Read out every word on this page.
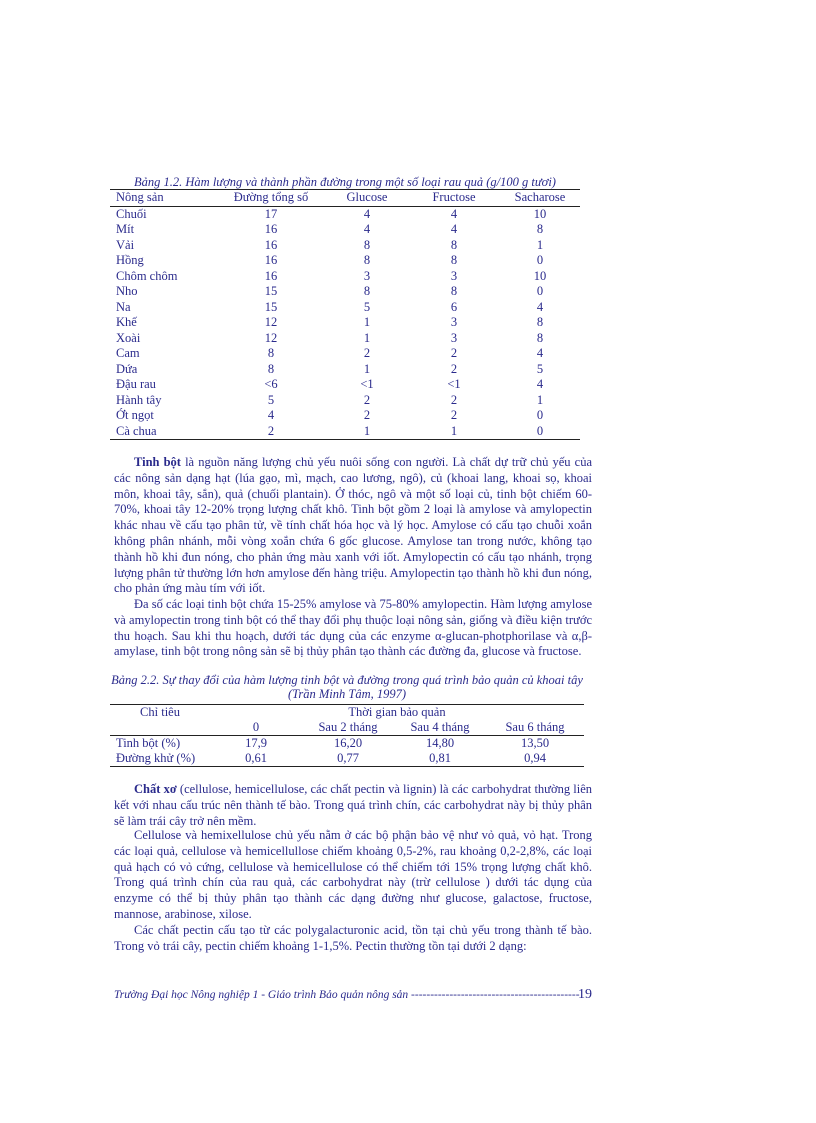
Bảng 1.2. Hàm lượng và thành phần đường trong một số loại rau quả (g/100 g tươi)
Nông sản	Đường tổng số	Glucose	Fructose	Sacharose
Chuối	17	4	4	10
Mít	16	4	4	8
Vải	16	8	8	1
Hồng	16	8	8	0
Chôm chôm	16	3	3	10
Nho	15	8	8	0
Na	15	5	6	4
Khế	12	1	3	8
Xoài	12	1	3	8
Cam	8	2	2	4
Dứa	8	1	2	5
Đậu rau	<6	<1	<1	4
Hành tây	5	2	2	1
Ớt ngọt	4	2	2	0
Cà chua	2	1	1	0

Tinh bột là nguồn năng lượng chủ yếu nuôi sống con người. Là chất dự trữ chủ yếu của các nông sản dạng hạt (lúa gạo, mì, mạch, cao lương, ngô), củ (khoai lang, khoai sọ, khoai môn, khoai tây, sắn), quả (chuối plantain). Ở thóc, ngô và một số loại củ, tinh bột chiếm 60-70%, khoai tây 12-20% trọng lượng chất khô. Tinh bột gồm 2 loại là amylose và amylopectin khác nhau về cấu tạo phân tử, về tính chất hóa học và lý học. Amylose có cấu tạo chuỗi xoắn không phân nhánh, mỗi vòng xoắn chứa 6 gốc glucose. Amylose tan trong nước, không tạo thành hồ khi đun nóng, cho phản ứng màu xanh với iốt. Amylopectin có cấu tạo nhánh, trọng lượng phân tử thường lớn hơn amylose đến hàng triệu. Amylopectin tạo thành hồ khi đun nóng, cho phản ứng màu tím với iốt.

Đa số các loại tinh bột chứa 15-25% amylose và 75-80% amylopectin. Hàm lượng amylose và amylopectin trong tinh bột có thể thay đổi phụ thuộc loại nông sản, giống và điều kiện trước thu hoạch. Sau khi thu hoạch, dưới tác dụng của các enzyme α-glucan-photphorilase và α,β-amylase, tinh bột trong nông sản sẽ bị thủy phân tạo thành các đường đa, glucose và fructose.

Bảng 2.2. Sự thay đổi của hàm lượng tinh bột và đường trong quá trình bảo quản củ khoai tây
(Trần Minh Tâm, 1997)
Chỉ tiêu	Thời gian bảo quản			
	0	Sau 2 tháng	Sau 4 tháng	Sau 6 tháng
Tinh bột (%)	17,9	16,20	14,80	13,50
Đường khử (%)	0,61	0,77	0,81	0,94

Chất xơ (cellulose, hemicellulose, các chất pectin và lignin) là các carbohydrat thường liên kết với nhau cấu trúc nên thành tế bào. Trong quá trình chín, các carbohydrat này bị thủy phân sẽ làm trái cây trở nên mềm.

Cellulose và hemixellulose chủ yếu nằm ở các bộ phận bảo vệ như vỏ quả, vỏ hạt. Trong các loại quả, cellulose và hemicellullose chiếm khoảng 0,5-2%, rau khoảng 0,2-2,8%, các loại quả hạch có vỏ cứng, cellulose và hemicellulose có thể chiếm tới 15% trọng lượng chất khô. Trong quá trình chín của rau quả, các carbohydrat này (trừ cellulose ) dưới tác dụng của enzyme có thể bị thủy phân tạo thành các dạng đường như glucose, galactose, fructose, mannose, arabinose, xilose.

Các chất pectin cấu tạo từ các polygalacturonic acid, tồn tại chủ yếu trong thành tế bào. Trong vỏ trái cây, pectin chiếm khoảng 1-1,5%. Pectin thường tồn tại dưới 2 dạng:

Trường Đại học Nông nghiệp 1 - Giáo trình Bảo quản nông sản --------------------------------------------
19
